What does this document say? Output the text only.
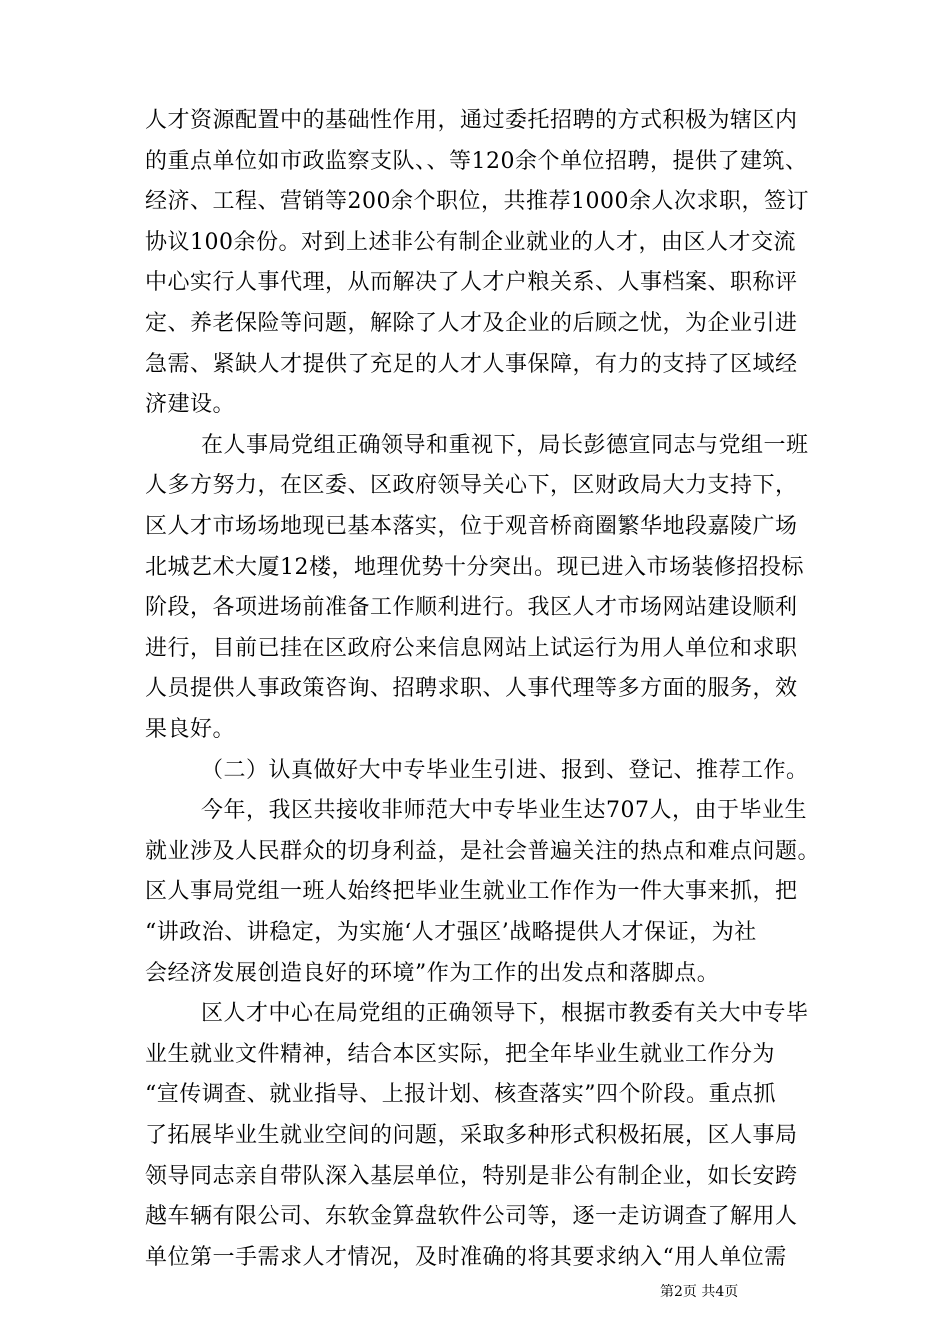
人才资源配置中的基础性作用，通过委托招聘的方式积极为辖区内
的重点单位如市政监察支队、、等120余个单位招聘，提供了建筑、
经济、工程、营销等200余个职位，共推荐1000余人次求职，签订
协议100余份。对到上述非公有制企业就业的人才，由区人才交流
中心实行人事代理，从而解决了人才户粮关系、人事档案、职称评
定、养老保险等问题，解除了人才及企业的后顾之忧，为企业引进
急需、紧缺人才提供了充足的人才人事保障，有力的支持了区域经
济建设。
在人事局党组正确领导和重视下，局长彭德宣同志与党组一班
人多方努力，在区委、区政府领导关心下，区财政局大力支持下，
区人才市场场地现已基本落实，位于观音桥商圈繁华地段嘉陵广场
北城艺术大厦12楼，地理优势十分突出。现已进入市场装修招投标
阶段，各项进场前准备工作顺利进行。我区人才市场网站建设顺利
进行，目前已挂在区政府公来信息网站上试运行为用人单位和求职
人员提供人事政策咨询、招聘求职、人事代理等多方面的服务，效
果良好。
（二）认真做好大中专毕业生引进、报到、登记、推荐工作。
今年，我区共接收非师范大中专毕业生达707人，由于毕业生
就业涉及人民群众的切身利益，是社会普遍关注的热点和难点问题。
区人事局党组一班人始终把毕业生就业工作作为一件大事来抓，把
“讲政治、讲稳定，为实施‘人才强区’战略提供人才保证，为社
会经济发展创造良好的环境”作为工作的出发点和落脚点。
区人才中心在局党组的正确领导下，根据市教委有关大中专毕
业生就业文件精神，结合本区实际，把全年毕业生就业工作分为
“宣传调查、就业指导、上报计划、核查落实”四个阶段。重点抓
了拓展毕业生就业空间的问题，采取多种形式积极拓展，区人事局
领导同志亲自带队深入基层单位，特别是非公有制企业，如长安跨
越车辆有限公司、东软金算盘软件公司等，逐一走访调查了解用人
单位第一手需求人才情况，及时准确的将其要求纳入“用人单位需
第2页 共4页
